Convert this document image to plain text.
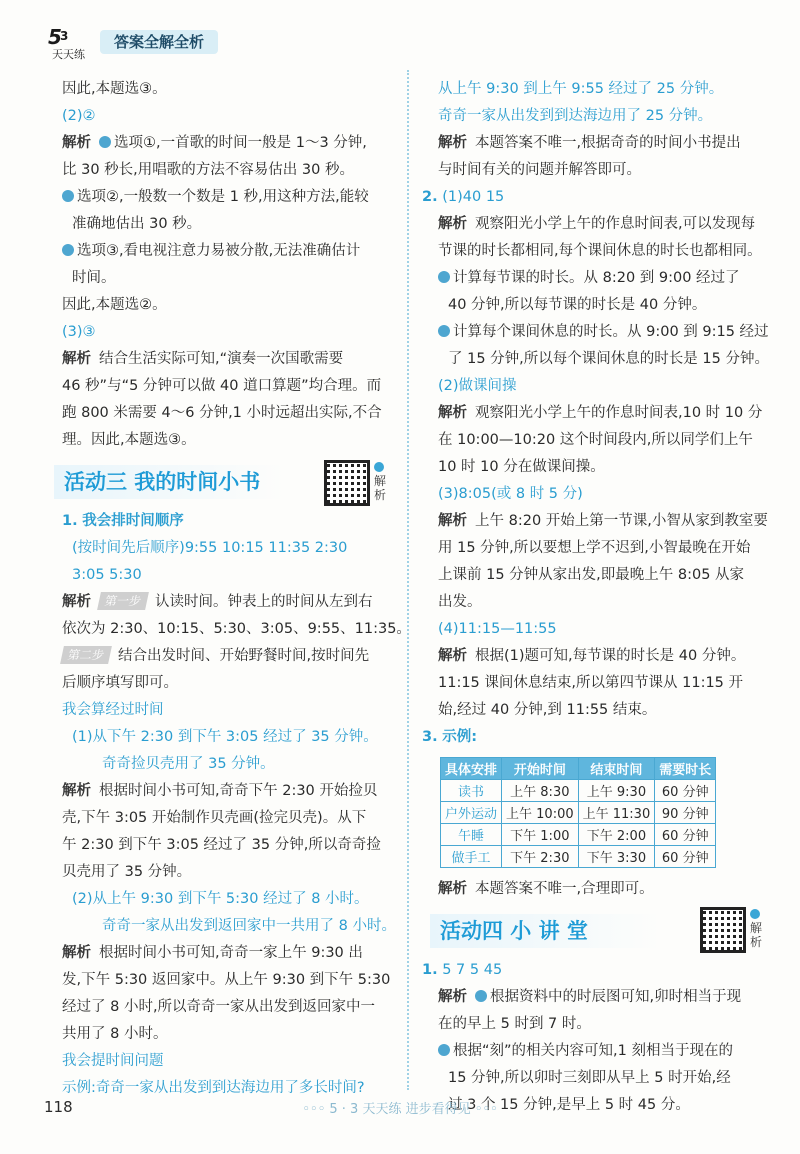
5
3
天天练
答案全解全析
因此,本题选③。
(2)②
解析 选项①,一首歌的时间一般是 1～3 分钟,
比 30 秒长,用唱歌的方法不容易估出 30 秒。
选项②,一般数一个数是 1 秒,用这种方法,能较
准确地估出 30 秒。
选项③,看电视注意力易被分散,无法准确估计
时间。
因此,本题选②。
(3)③
解析 结合生活实际可知,“演奏一次国歌需要
46 秒”与“5 分钟可以做 40 道口算题”均合理。而
跑 800 米需要 4～6 分钟,1 小时远超出实际,不合
理。因此,本题选③。
活动三 我的时间小书	解析
1. 我会排时间顺序
(按时间先后顺序)9:55 10:15 11:35 2:30
3:05 5:30
解析 第一步 认读时间。钟表上的时间从左到右
依次为 2:30、10:15、5:30、3:05、9:55、11:35。
第二步 结合出发时间、开始野餐时间,按时间先
后顺序填写即可。
我会算经过时间
(1)从下午 2:30 到下午 3:05 经过了 35 分钟。
奇奇捡贝壳用了 35 分钟。
解析 根据时间小书可知,奇奇下午 2:30 开始捡贝
壳,下午 3:05 开始制作贝壳画(捡完贝壳)。从下
午 2:30 到下午 3:05 经过了 35 分钟,所以奇奇捡
贝壳用了 35 分钟。
(2)从上午 9:30 到下午 5:30 经过了 8 小时。
奇奇一家从出发到返回家中一共用了 8 小时。
解析 根据时间小书可知,奇奇一家上午 9:30 出
发,下午 5:30 返回家中。从上午 9:30 到下午 5:30
经过了 8 小时,所以奇奇一家从出发到返回家中一
共用了 8 小时。
我会提时间问题
示例:奇奇一家从出发到到达海边用了多长时间?
从上午 9:30 到上午 9:55 经过了 25 分钟。
奇奇一家从出发到到达海边用了 25 分钟。
解析 本题答案不唯一,根据奇奇的时间小书提出
与时间有关的问题并解答即可。
2. (1)40 15
解析 观察阳光小学上午的作息时间表,可以发现每
节课的时长都相同,每个课间休息的时长也都相同。
计算每节课的时长。从 8:20 到 9:00 经过了
40 分钟,所以每节课的时长是 40 分钟。
计算每个课间休息的时长。从 9:00 到 9:15 经过
了 15 分钟,所以每个课间休息的时长是 15 分钟。
(2)做课间操
解析 观察阳光小学上午的作息时间表,10 时 10 分
在 10:00—10:20 这个时间段内,所以同学们上午
10 时 10 分在做课间操。
(3)8:05(或 8 时 5 分)
解析 上午 8:20 开始上第一节课,小智从家到教室要
用 15 分钟,所以要想上学不迟到,小智最晚在开始
上课前 15 分钟从家出发,即最晚上午 8:05 从家
出发。
(4)11:15—11:55
解析 根据(1)题可知,每节课的时长是 40 分钟。
11:15 课间休息结束,所以第四节课从 11:15 开
始,经过 40 分钟,到 11:55 结束。
3. 示例:
具体安排	开始时间	结束时间	需要时长
读书	上午 8:30	上午 9:30	60 分钟
户外运动	上午 10:00	上午 11:30	90 分钟
午睡	下午 1:00	下午 2:00	60 分钟
做手工	下午 2:30	下午 3:30	60 分钟
解析 本题答案不唯一,合理即可。
活动四 小 讲 堂	解析
1. 5 7 5 45
解析 根据资料中的时辰图可知,卯时相当于现
在的早上 5 时到 7 时。
根据“刻”的相关内容可知,1 刻相当于现在的
15 分钟,所以卯时三刻即从早上 5 时开始,经
过 3 个 15 分钟,是早上 5 时 45 分。
118	◦◦◦ 5 · 3 天天练 进步看得见 ◦◦◦
